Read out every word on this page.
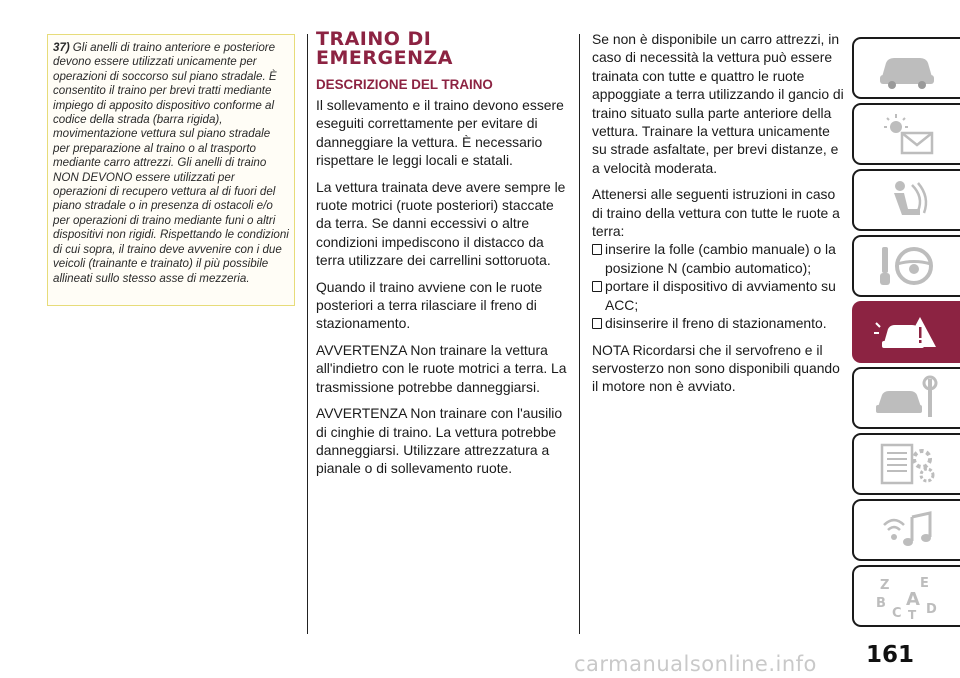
37) Gli anelli di traino anteriore e posteriore devono essere utilizzati unicamente per operazioni di soccorso sul piano stradale. È consentito il traino per brevi tratti mediante impiego di apposito dispositivo conforme al codice della strada (barra rigida), movimentazione vettura sul piano stradale per preparazione al traino o al trasporto mediante carro attrezzi. Gli anelli di traino NON DEVONO essere utilizzati per operazioni di recupero vettura al di fuori del piano stradale o in presenza di ostacoli e/o per operazioni di traino mediante funi o altri dispositivi non rigidi. Rispettando le condizioni di cui sopra, il traino deve avvenire con i due veicoli (trainante e trainato) il più possibile allineati sullo stesso asse di mezzeria.
TRAINO DI
EMERGENZA
DESCRIZIONE DEL TRAINO

Il sollevamento e il traino devono essere eseguiti correttamente per evitare di danneggiare la vettura. È necessario rispettare le leggi locali e statali.

La vettura trainata deve avere sempre le ruote motrici (ruote posteriori) staccate da terra. Se danni eccessivi o altre condizioni impediscono il distacco da terra utilizzare dei carrellini sottoruota.

Quando il traino avviene con le ruote posteriori a terra rilasciare il freno di stazionamento.

AVVERTENZA Non trainare la vettura all'indietro con le ruote motrici a terra. La trasmissione potrebbe danneggiarsi.

AVVERTENZA Non trainare con l'ausilio di cinghie di traino. La vettura potrebbe danneggiarsi. Utilizzare attrezzatura a pianale o di sollevamento ruote.

Se non è disponibile un carro attrezzi, in caso di necessità la vettura può essere trainata con tutte e quattro le ruote appoggiate a terra utilizzando il gancio di traino situato sulla parte anteriore della vettura. Trainare la vettura unicamente su strade asfaltate, per brevi distanze, e a velocità moderata.

Attenersi alle seguenti istruzioni in caso di traino della vettura con tutte le ruote a terra:

inserire la folle (cambio manuale) o la posizione N (cambio automatico);
portare il dispositivo di avviamento su ACC;
disinserire il freno di stazionamento.

NOTA Ricordarsi che il servofreno e il servosterzo non sono disponibili quando il motore non è avviato.

Z E
B A
C T D
carmanualsonline.info 161
